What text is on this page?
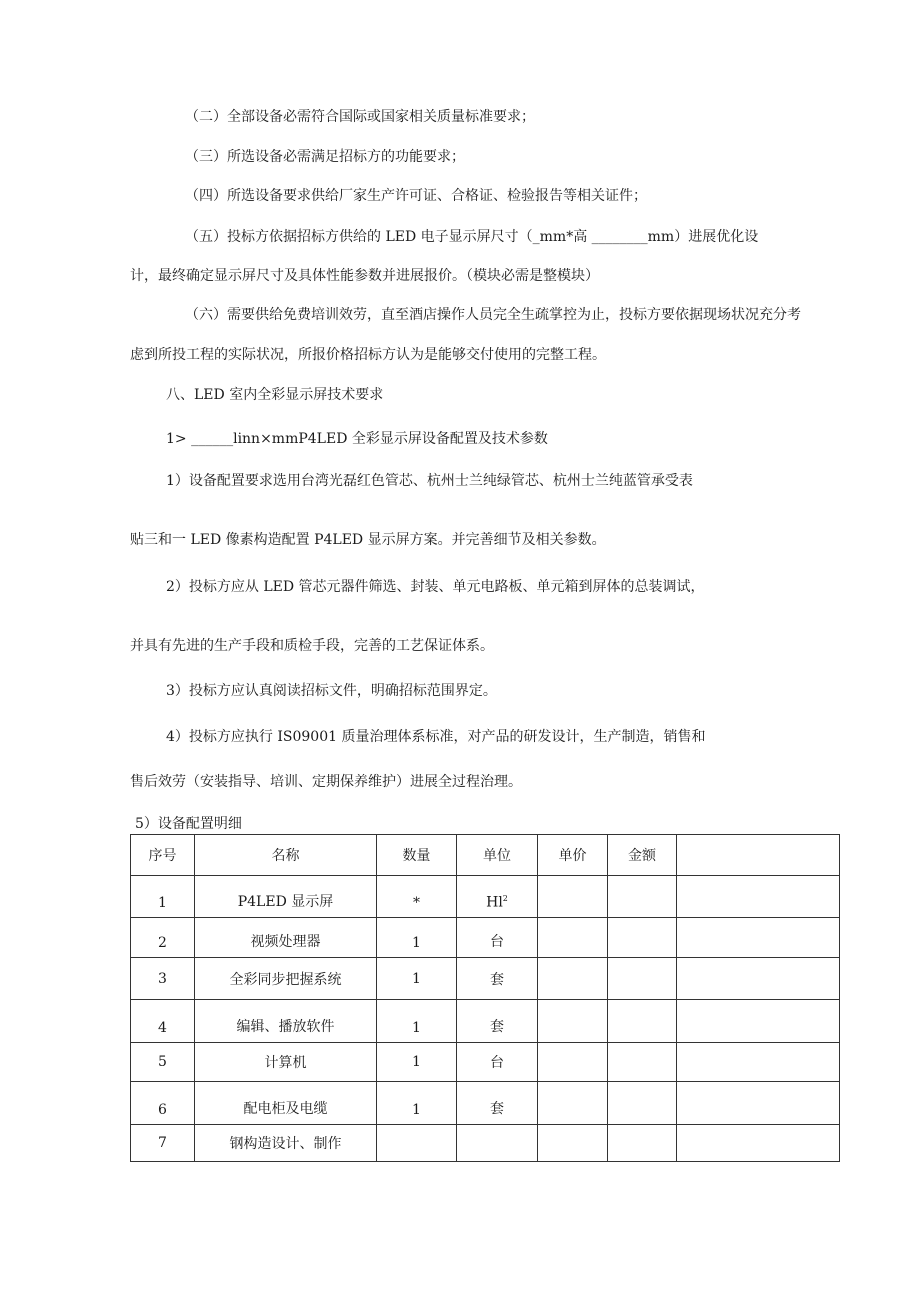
（二）全部设备必需符合国际或国家相关质量标准要求；
（三）所选设备必需满足招标方的功能要求；
（四）所选设备要求供给厂家生产许可证、合格证、检验报告等相关证件；
（五）投标方依据招标方供给的 LED 电子显示屏尺寸（_mm*高 ________mm）进展优化设
计，最终确定显示屏尺寸及具体性能参数并进展报价。（模块必需是整模块）
（六）需要供给免费培训效劳，直至酒店操作人员完全生疏掌控为止，投标方要依据现场状况充分考
虑到所投工程的实际状况，所报价格招标方认为是能够交付使用的完整工程。
八、LED 室内全彩显示屏技术要求
1> ______linn×mmP4LED 全彩显示屏设备配置及技术参数
1）设备配置要求选用台湾光磊红色管芯、杭州士兰纯绿管芯、杭州士兰纯蓝管承受表
贴三和一 LED 像素构造配置 P4LED 显示屏方案。并完善细节及相关参数。
2）投标方应从 LED 管芯元器件筛选、封装、单元电路板、单元箱到屏体的总装调试，
并具有先进的生产手段和质检手段，完善的工艺保证体系。
3）投标方应认真阅读招标文件，明确招标范围界定。
4）投标方应执行 IS09001 质量治理体系标准，对产品的研发设计，生产制造，销售和
售后效劳（安装指导、培训、定期保养维护）进展全过程治理。
5）设备配置明细
序号	名称	数量	单位	单价	金额	
1	P4LED 显示屏	*	Hl$^2$			
2	视频处理器	1	台			
3	全彩同步把握系统	1	套			
4	编辑、播放软件	1	套			
5	计算机	1	台			
6	配电柜及电缆	1	套			
7	钢构造设计、制作					
